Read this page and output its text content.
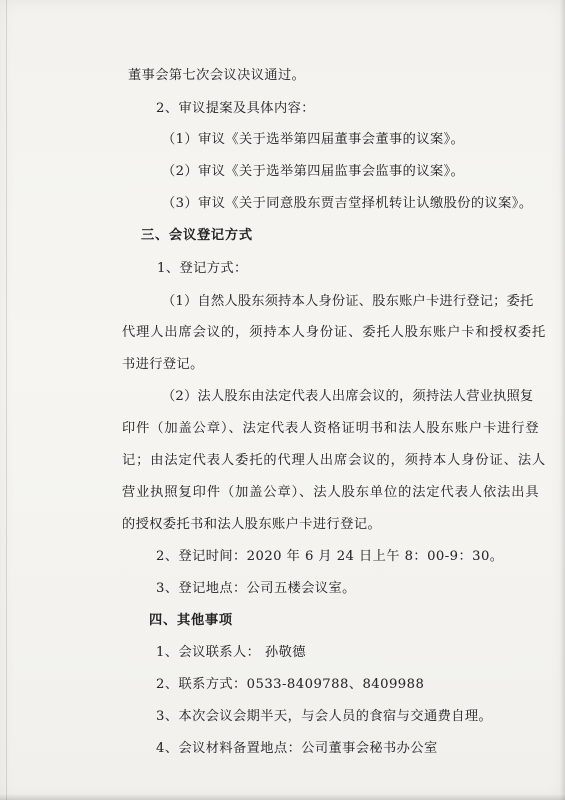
董事会第七次会议决议通过。
2、审议提案及具体内容：
（1）审议《关于选举第四届董事会董事的议案》。
（2）审议《关于选举第四届监事会监事的议案》。
（3）审议《关于同意股东贾吉堂择机转让认缴股份的议案》。
三、会议登记方式
1、登记方式：
（1）自然人股东须持本人身份证、股东账户卡进行登记；委托
代理人出席会议的，须持本人身份证、委托人股东账户卡和授权委托
书进行登记。
（2）法人股东由法定代表人出席会议的，须持法人营业执照复
印件（加盖公章）、法定代表人资格证明书和法人股东账户卡进行登
记；由法定代表人委托的代理人出席会议的，须持本人身份证、法人
营业执照复印件（加盖公章）、法人股东单位的法定代表人依法出具
的授权委托书和法人股东账户卡进行登记。
2、登记时间：2020 年 6 月 24 日上午 8：00-9：30。
3、登记地点：公司五楼会议室。
四、其他事项
1、会议联系人： 孙敬德
2、联系方式：0533-8409788、8409988
3、本次会议会期半天，与会人员的食宿与交通费自理。
4、会议材料备置地点：公司董事会秘书办公室
